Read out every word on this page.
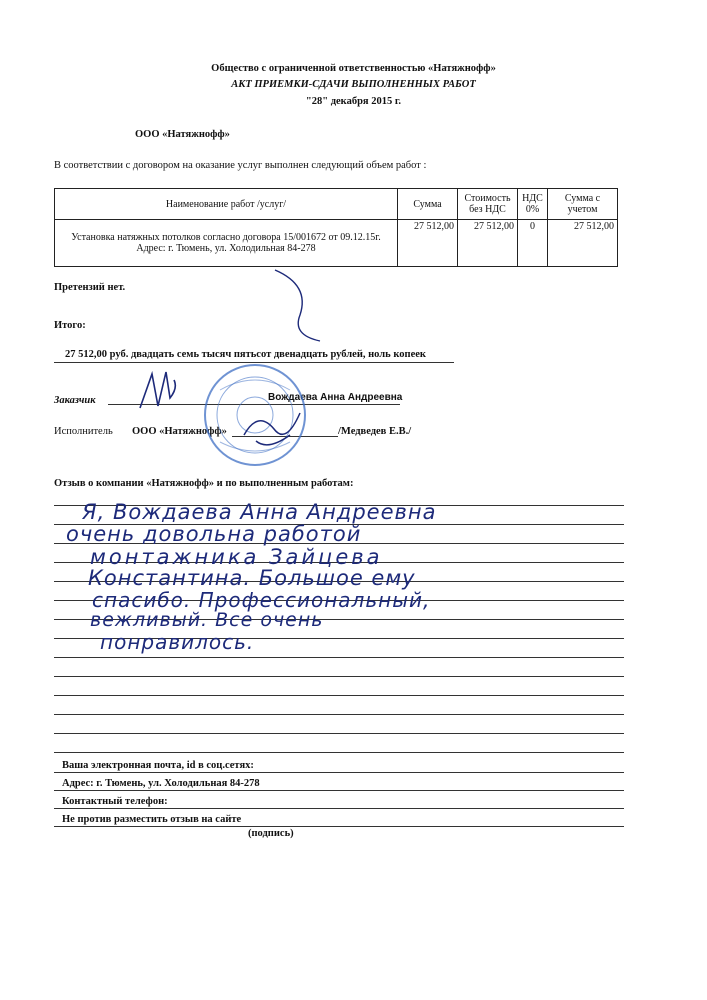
Общество с ограниченной ответственностью «Натяжнофф»
АКТ ПРИЕМКИ-СДАЧИ ВЫПОЛНЕННЫХ РАБОТ
"28" декабря 2015 г.
ООО «Натяжнофф»
В соответствии с договором на оказание услуг выполнен следующий объем работ :
Наименование работ /услуг/	Сумма	Стоимость без НДС	НДС 0%	Сумма с учетом

Установка натяжных потолков согласно договора 15/001672 от 09.12.15г.
Адрес: г. Тюмень, ул. Холодильная 84-278	27 512,00	27 512,00	0	27 512,00
Претензий нет.
Итого:
27 512,00 руб. двадцать семь тысяч пятьсот двенадцать рублей, ноль копеек
Заказчик	Вождаева Анна Андреевна
Исполнитель ООО «Натяжнофф»	/Медведев Е.В./
Отзыв о компании «Натяжнофф» и по выполненным работам:
Я, Вождаева Анна Андреевна
очень довольна работой
монтажника Зайцева
Константина. Большое ему
спасибо. Профессиональный,
вежливый. Все очень
понравилось.
Ваша электронная почта, id в соц.сетях:
Адрес: г. Тюмень, ул. Холодильная 84-278
Контактный телефон:
Не против разместить отзыв на сайте
(подпись)
